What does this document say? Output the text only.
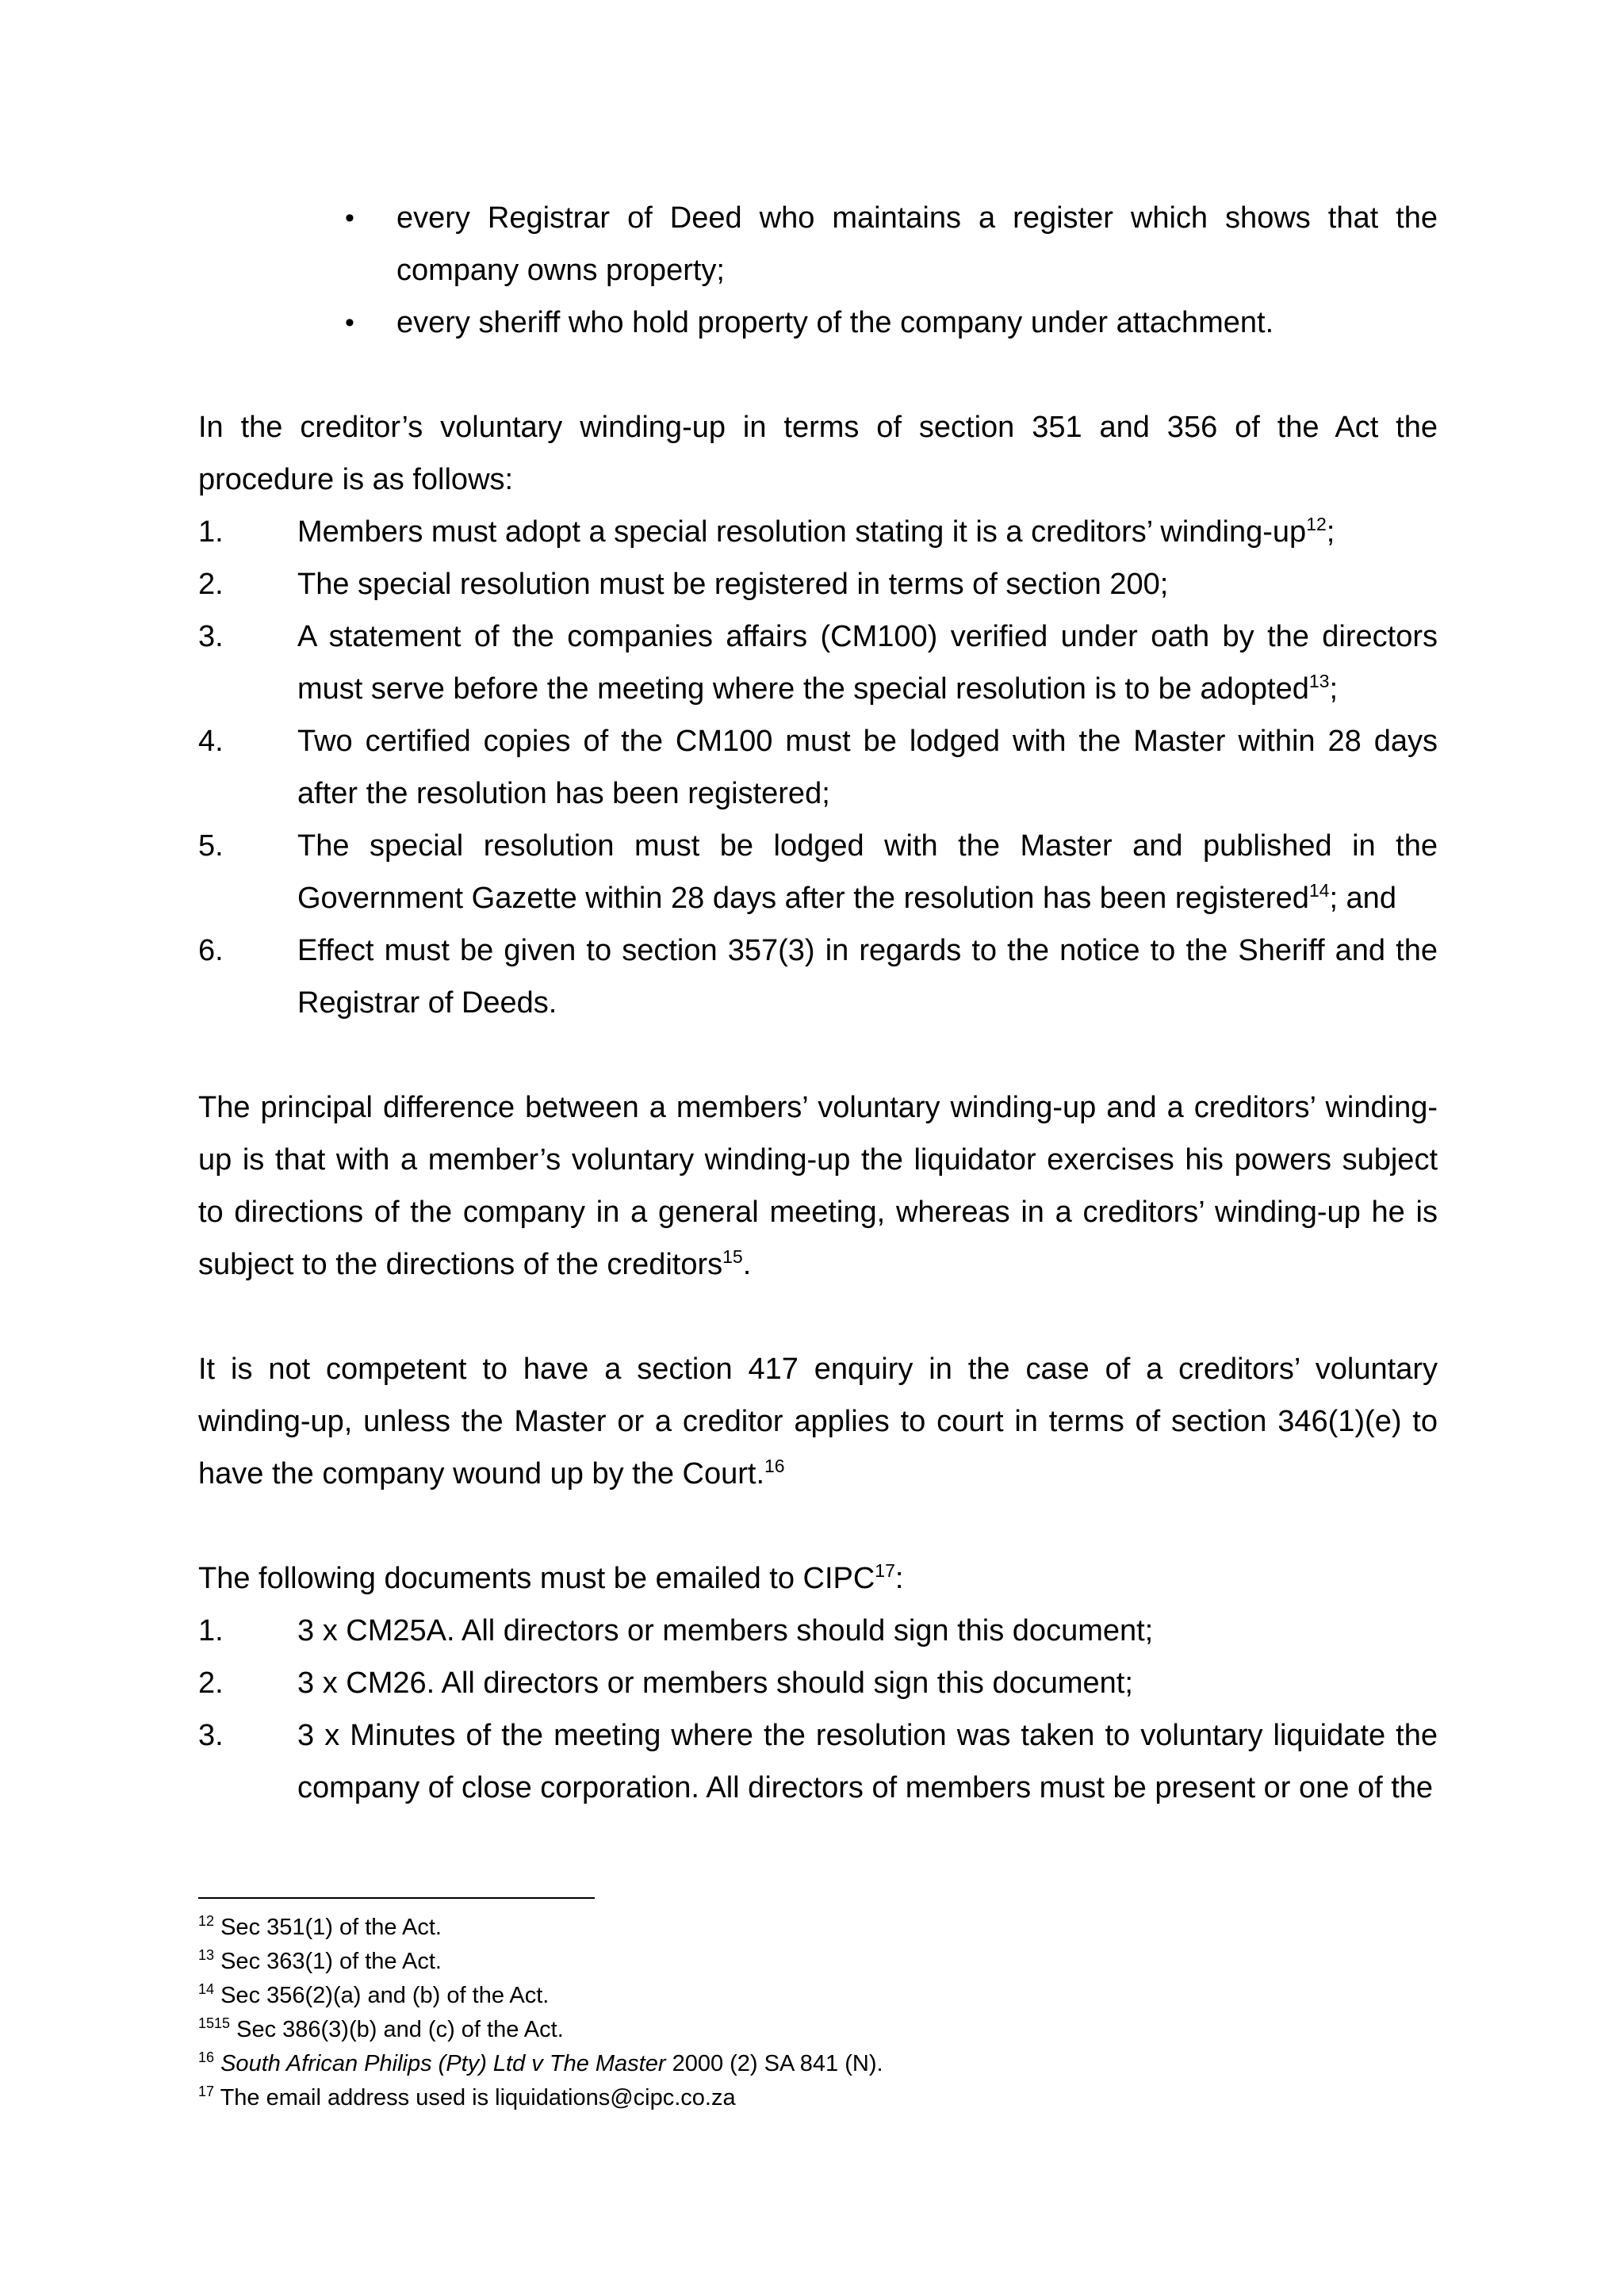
• every Registrar of Deed who maintains a register which shows that the company owns property;
• every sheriff who hold property of the company under attachment.

In the creditor’s voluntary winding-up in terms of section 351 and 356 of the Act the procedure is as follows:

1. Members must adopt a special resolution stating it is a creditors’ winding-$up^{12}$;
2. The special resolution must be registered in terms of section 200;
3. A statement of the companies affairs (CM100) verified under oath by the directors must serve before the meeting where the special resolution is to be adopted$^{13}$;
4. Two certified copies of the CM100 must be lodged with the Master within 28 days after the resolution has been registered;
5. The special resolution must be lodged with the Master and published in the Government Gazette within 28 days after the resolution has been registered$^{14}$; and
6. Effect must be given to section 357(3) in regards to the notice to the Sheriff and the Registrar of Deeds.

The principal difference between a members’ voluntary winding-up and a creditors’ winding-up is that with a member’s voluntary winding-up the liquidator exercises his powers subject to directions of the company in a general meeting, whereas in a creditors’ winding-up he is subject to the directions of the creditors$^{15}$.

It is not competent to have a section 417 enquiry in the case of a creditors’ voluntary winding-up, unless the Master or a creditor applies to court in terms of section 346(1)(e) to have the company wound up by the Court.$^{16}$

The following documents must be emailed to CIPC$^{17}$:

1. 3 x CM25A. All directors or members should sign this document;
2. 3 x CM26. All directors or members should sign this document;
3. 3 x Minutes of the meeting where the resolution was taken to voluntary liquidate the company of close corporation. All directors of members must be present or one of the

$^{12}$ Sec 351(1) of the Act.

$^{13}$ Sec 363(1) of the Act.

$^{14}$ Sec 356(2)(a) and (b) of the Act.

$^{1515}$ Sec 386(3)(b) and (c) of the Act.

$^{16}$ South African Philips (Pty) Ltd v The Master 2000 (2) SA 841 (N).

$^{17}$ The email address used is liquidations@cipc.co.za
